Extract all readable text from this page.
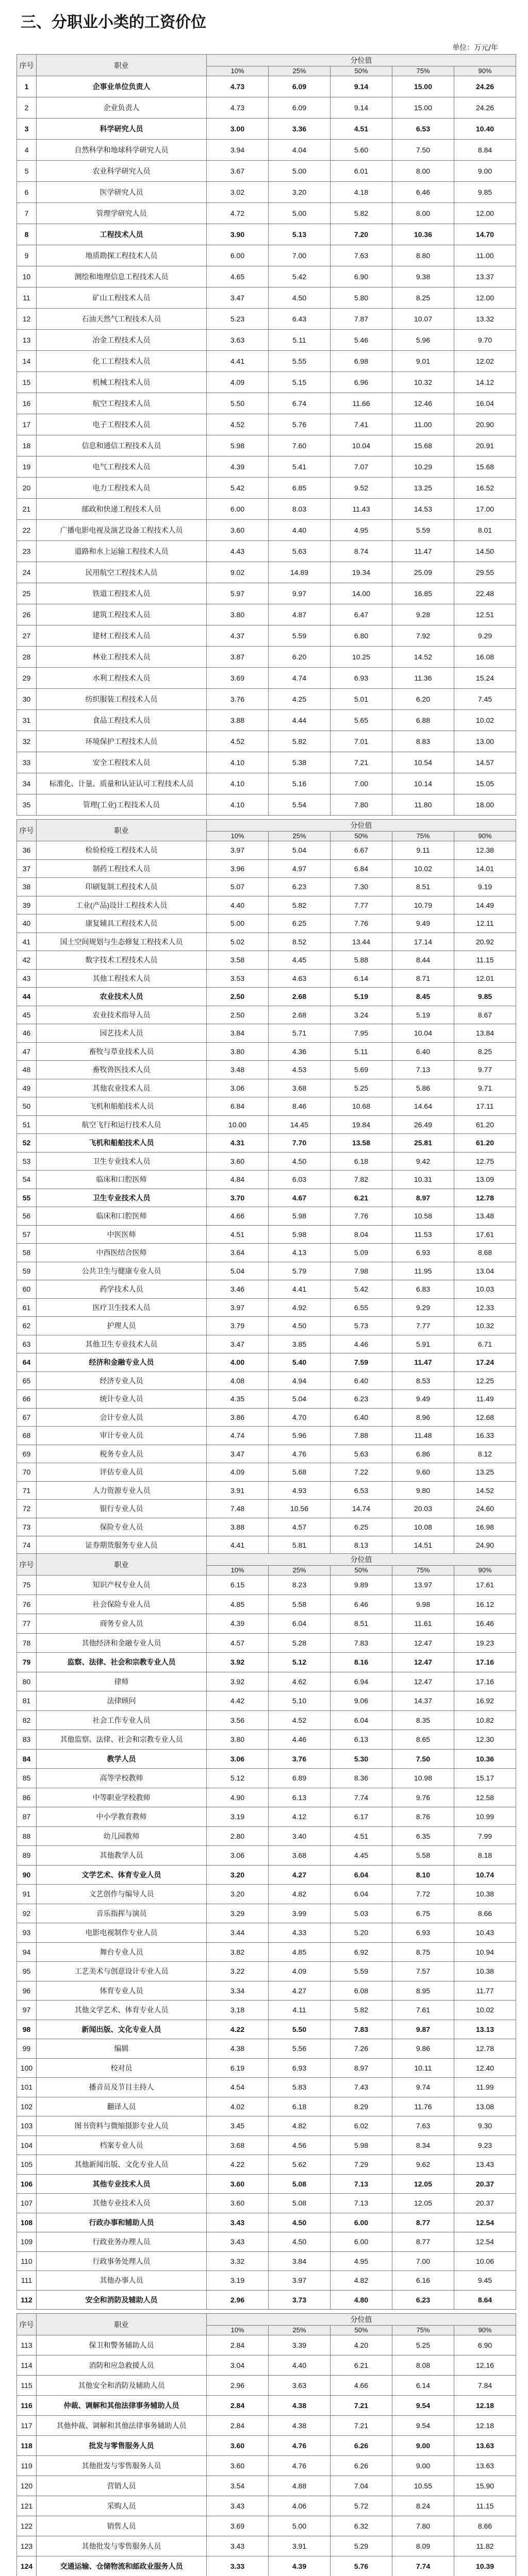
三、分职业小类的工资价位
单位：万元/年
序号	职业	分位值				
		10%	25%	50%	75%	90%
1	企事业单位负责人	4.73	6.09	9.14	15.00	24.26
2	企业负责人	4.73	6.09	9.14	15.00	24.26
3	科学研究人员	3.00	3.36	4.51	6.53	10.40
4	自然科学和地球科学研究人员	3.94	4.04	5.60	7.50	8.84
5	农业科学研究人员	3.67	5.00	6.01	8.00	9.00
6	医学研究人员	3.02	3.20	4.18	6.46	9.85
7	管理学研究人员	4.72	5.00	5.82	8.00	12.00
8	工程技术人员	3.90	5.13	7.20	10.36	14.70
9	地质勘探工程技术人员	6.00	7.00	7.63	8.80	11.00
10	测绘和地理信息工程技术人员	4.65	5.42	6.90	9.38	13.37
11	矿山工程技术人员	3.47	4.50	5.80	8.25	12.00
12	石油天然气工程技术人员	5.23	6.43	7.87	10.07	13.32
13	冶金工程技术人员	3.63	5.11	5.46	5.96	9.70
14	化工工程技术人员	4.41	5.55	6.98	9.01	12.02
15	机械工程技术人员	4.09	5.15	6.96	10.32	14.12
16	航空工程技术人员	5.50	6.74	11.66	12.46	16.04
17	电子工程技术人员	4.52	5.76	7.41	11.00	20.90
18	信息和通信工程技术人员	5.98	7.60	10.04	15.68	20.91
19	电气工程技术人员	4.39	5.41	7.07	10.29	15.68
20	电力工程技术人员	5.42	6.85	9.52	13.25	16.52
21	邮政和快递工程技术人员	6.00	8.03	11.43	14.53	17.00
22	广播电影电视及演艺设备工程技术人员	3.60	4.40	4.95	5.59	8.01
23	道路和水上运输工程技术人员	4.43	5.63	8.74	11.47	14.50
24	民用航空工程技术人员	9.02	14.89	19.34	25.09	29.55
25	铁道工程技术人员	5.97	9.97	14.00	16.85	22.48
26	建筑工程技术人员	3.80	4.87	6.47	9.28	12.51
27	建材工程技术人员	4.37	5.59	6.80	7.92	9.29
28	林业工程技术人员	3.87	6.20	10.25	14.52	16.08
29	水利工程技术人员	3.69	4.74	6.93	11.36	15.24
30	纺织服装工程技术人员	3.76	4.25	5.01	6.20	7.45
31	食品工程技术人员	3.88	4.44	5.65	6.88	10.02
32	环境保护工程技术人员	4.52	5.82	7.01	8.83	13.00
33	安全工程技术人员	4.10	5.38	7.21	10.54	14.57
34	标准化、计量、质量和认证认可工程技术人员	4.10	5.16	7.00	10.14	15.05
35	管理(工业)工程技术人员	4.10	5.54	7.80	11.80	18.00
序号	职业	分位值				
		10%	25%	50%	75%	90%
36	检验检疫工程技术人员	3.97	5.04	6.67	9.11	12.38
37	制药工程技术人员	3.96	4.97	6.84	10.02	14.01
38	印刷复制工程技术人员	5.07	6.23	7.30	8.51	9.19
39	工业(产品)设计工程技术人员	4.40	5.82	7.77	10.79	14.49
40	康复辅具工程技术人员	5.00	6.25	7.76	9.49	12.11
41	国土空间规划与生态修复工程技术人员	5.02	8.52	13.44	17.14	20.92
42	数字技术工程技术人员	3.58	4.45	5.88	8.44	11.15
43	其他工程技术人员	3.53	4.63	6.14	8.71	12.01
44	农业技术人员	2.50	2.68	5.19	8.45	9.85
45	农业技术指导人员	2.50	2.68	3.24	5.19	8.67
46	园艺技术人员	3.84	5.71	7.95	10.04	13.84
47	畜牧与草业技术人员	3.80	4.36	5.11	6.40	8.25
48	畜牧兽医技术人员	3.48	4.53	5.69	7.13	9.77
49	其他农业技术人员	3.06	3.68	5.25	5.86	9.71
50	飞机和船舶技术人员	6.84	8.46	10.68	14.64	17.11
51	航空飞行和运行技术人员	10.00	14.45	19.84	26.49	61.20
52	飞机和船舶技术人员	4.31	7.70	13.58	25.81	61.20
53	卫生专业技术人员	3.60	4.50	6.18	9.42	12.75
54	临床和口腔医师	4.84	6.03	7.82	10.31	13.09
55	卫生专业技术人员	3.70	4.67	6.21	8.97	12.78
56	临床和口腔医师	4.66	5.98	7.76	10.58	13.48
57	中医医师	4.51	5.98	8.04	11.53	17.61
58	中西医结合医师	3.64	4.13	5.09	6.93	8.68
59	公共卫生与健康专业人员	5.04	5.79	7.98	11.95	13.04
60	药学技术人员	3.46	4.41	5.42	6.83	10.03
61	医疗卫生技术人员	3.97	4.92	6.55	9.29	12.33
62	护理人员	3.79	4.50	5.73	7.77	10.32
63	其他卫生专业技术人员	3.47	3.85	4.46	5.91	6.71
64	经济和金融专业人员	4.00	5.40	7.59	11.47	17.24
65	经济专业人员	4.08	4.94	6.40	8.53	12.25
66	统计专业人员	4.35	5.04	6.23	9.49	11.49
67	会计专业人员	3.86	4.70	6.40	8.96	12.68
68	审计专业人员	4.74	5.96	7.88	11.48	16.33
69	税务专业人员	3.47	4.76	5.63	6.86	8.12
70	评估专业人员	4.09	5.68	7.22	9.60	13.25
71	人力资源专业人员	3.91	4.93	6.53	9.80	14.52
72	银行专业人员	7.48	10.56	14.74	20.03	24.60
73	保险专业人员	3.88	4.57	6.25	10.08	16.98
74	证券期货服务专业人员	4.41	5.81	8.13	14.51	24.90
序号	职业	分位值				
		10%	25%	50%	75%	90%
75	知识产权专业人员	6.15	8.23	9.89	13.97	17.61
76	社会保险专业人员	4.85	5.58	6.46	9.98	16.12
77	商务专业人员	4.39	6.04	8.51	11.61	16.46
78	其他经济和金融专业人员	4.57	5.28	7.83	12.47	19.23
79	监察、法律、社会和宗教专业人员	3.92	5.12	8.16	12.47	17.16
80	律师	3.92	4.62	6.94	12.47	17.16
81	法律顾问	4.42	5.10	9.06	14.37	16.92
82	社会工作专业人员	3.56	4.52	6.04	8.35	10.82
83	其他监察、法律、社会和宗教专业人员	3.80	4.46	6.13	8.65	12.30
84	教学人员	3.06	3.76	5.30	7.50	10.36
85	高等学校教师	5.12	6.89	8.36	10.98	15.17
86	中等职业学校教师	4.90	6.13	7.74	9.76	12.58
87	中小学教育教师	3.19	4.12	6.17	8.76	10.99
88	幼儿园教师	2.80	3.40	4.51	6.35	7.99
89	其他教学人员	3.06	3.68	4.45	5.58	8.18
90	文学艺术、体育专业人员	3.20	4.27	6.04	8.10	10.74
91	文艺创作与编导人员	3.20	4.82	6.04	7.72	10.38
92	音乐指挥与演员	3.29	3.99	5.03	6.75	8.66
93	电影电视制作专业人员	3.44	4.33	5.20	6.93	10.43
94	舞台专业人员	3.82	4.85	6.92	8.75	10.94
95	工艺美术与创意设计专业人员	3.22	4.09	5.59	7.57	10.38
96	体育专业人员	3.34	4.27	6.08	8.95	11.77
97	其他文学艺术、体育专业人员	3.18	4.11	5.82	7.61	10.02
98	新闻出版、文化专业人员	4.22	5.50	7.83	9.87	13.13
99	编辑	4.38	5.56	7.26	9.86	12.78
100	校对员	6.19	6.93	8.97	10.11	12.40
101	播音员及节目主持人	4.54	5.83	7.43	9.74	11.99
102	翻译人员	4.02	6.18	8.29	11.76	13.08
103	图书资料与微缩摄影专业人员	3.45	4.82	6.02	7.63	9.30
104	档案专业人员	3.68	4.56	5.98	8.34	9.23
105	其他新闻出版、文化专业人员	4.22	5.62	7.29	9.62	13.43
106	其他专业技术人员	3.60	5.08	7.13	12.05	20.37
107	其他专业技术人员	3.60	5.08	7.13	12.05	20.37
108	行政办事和辅助人员	3.43	4.50	6.00	8.77	12.54
109	行政业务办理人员	3.43	4.50	6.00	8.77	12.54
110	行政事务处理人员	3.32	3.84	4.95	7.00	10.06
111	其他办事人员	3.19	3.97	4.82	6.16	9.45
112	安全和消防及辅助人员	2.96	3.73	4.80	6.23	8.64
序号	职业	分位值				
		10%	25%	50%	75%	90%
113	保卫和警务辅助人员	2.84	3.39	4.20	5.25	6.90
114	消防和应急救援人员	3.04	4.40	6.21	8.08	12.16
115	其他安全和消防及辅助人员	2.96	3.63	4.66	6.14	7.84
116	仲裁、调解和其他法律事务辅助人员	2.84	4.38	7.21	9.54	12.18
117	其他仲裁、调解和其他法律事务辅助人员	2.84	4.38	7.21	9.54	12.18
118	批发与零售服务人员	3.60	4.76	6.26	9.00	13.63
119	其他批发与零售服务人员	3.60	4.76	6.26	9.00	13.63
120	营销人员	3.54	4.88	7.04	10.55	15.90
121	采购人员	3.43	4.06	5.72	8.24	11.15
122	销售人员	3.69	5.00	6.32	7.80	8.66
123	其他批发与零售服务人员	3.43	3.91	5.29	8.09	11.82
124	交通运输、仓储物流和邮政业服务人员	3.33	4.39	5.76	7.74	10.39
